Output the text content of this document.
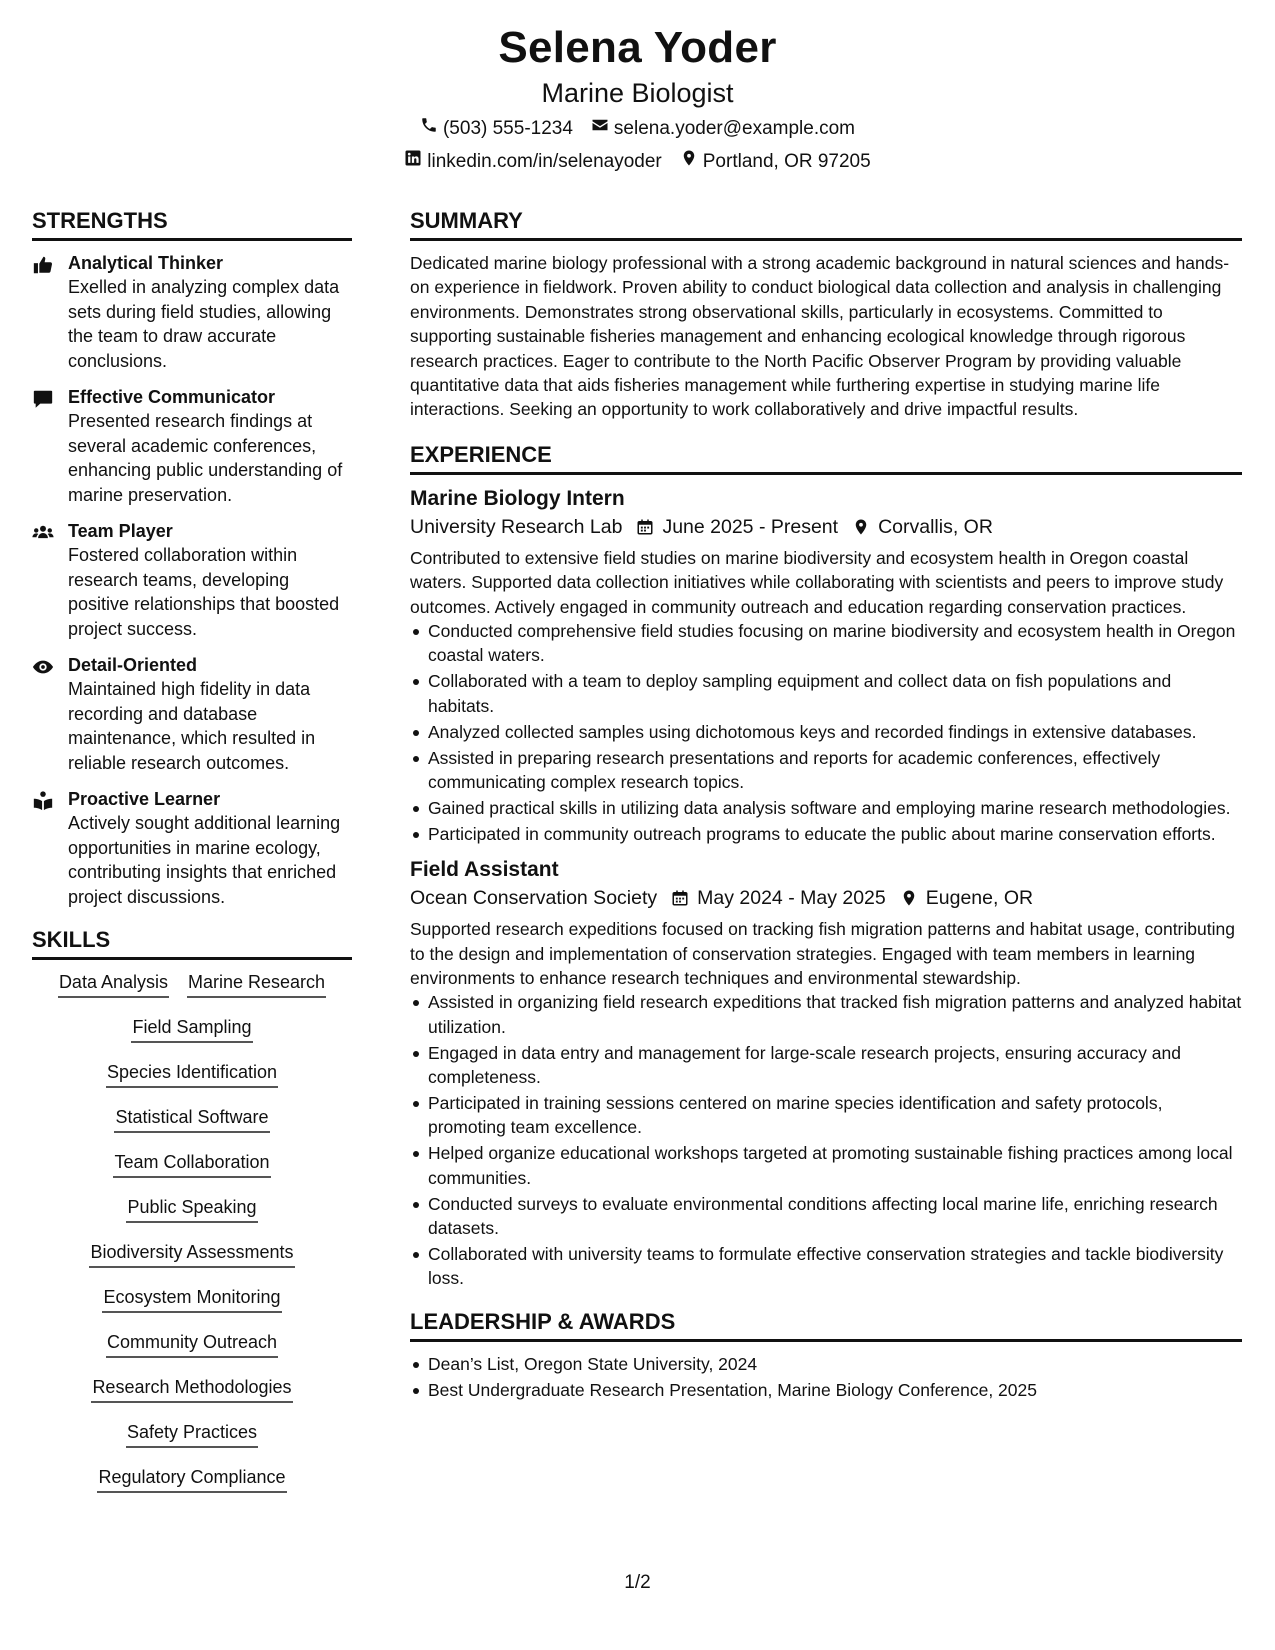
Selena Yoder
Marine Biologist
(503) 555-1234 selena.yoder@example.com
linkedin.com/in/selenayoder Portland, OR 97205
STRENGTHS
Analytical Thinker
Exelled in analyzing complex data sets during field studies, allowing the team to draw accurate conclusions.
Effective Communicator
Presented research findings at several academic conferences, enhancing public understanding of marine preservation.
Team Player
Fostered collaboration within research teams, developing positive relationships that boosted project success.
Detail-Oriented
Maintained high fidelity in data recording and database maintenance, which resulted in reliable research outcomes.
Proactive Learner
Actively sought additional learning opportunities in marine ecology, contributing insights that enriched project discussions.
SKILLS
Data Analysis Marine Research
Field Sampling
Species Identification
Statistical Software
Team Collaboration
Public Speaking
Biodiversity Assessments
Ecosystem Monitoring
Community Outreach
Research Methodologies
Safety Practices
Regulatory Compliance
SUMMARY
Dedicated marine biology professional with a strong academic background in natural sciences and hands-on experience in fieldwork. Proven ability to conduct biological data collection and analysis in challenging environments. Demonstrates strong observational skills, particularly in ecosystems. Committed to supporting sustainable fisheries management and enhancing ecological knowledge through rigorous research practices. Eager to contribute to the North Pacific Observer Program by providing valuable quantitative data that aids fisheries management while furthering expertise in studying marine life interactions. Seeking an opportunity to work collaboratively and drive impactful results.
EXPERIENCE
Marine Biology Intern
University Research Lab June 2025 - Present Corvallis, OR
Contributed to extensive field studies on marine biodiversity and ecosystem health in Oregon coastal waters. Supported data collection initiatives while collaborating with scientists and peers to improve study outcomes. Actively engaged in community outreach and education regarding conservation practices.
Conducted comprehensive field studies focusing on marine biodiversity and ecosystem health in Oregon coastal waters.
Collaborated with a team to deploy sampling equipment and collect data on fish populations and habitats.
Analyzed collected samples using dichotomous keys and recorded findings in extensive databases.
Assisted in preparing research presentations and reports for academic conferences, effectively communicating complex research topics.
Gained practical skills in utilizing data analysis software and employing marine research methodologies.
Participated in community outreach programs to educate the public about marine conservation efforts.
Field Assistant
Ocean Conservation Society May 2024 - May 2025 Eugene, OR
Supported research expeditions focused on tracking fish migration patterns and habitat usage, contributing to the design and implementation of conservation strategies. Engaged with team members in learning environments to enhance research techniques and environmental stewardship.
Assisted in organizing field research expeditions that tracked fish migration patterns and analyzed habitat utilization.
Engaged in data entry and management for large-scale research projects, ensuring accuracy and completeness.
Participated in training sessions centered on marine species identification and safety protocols, promoting team excellence.
Helped organize educational workshops targeted at promoting sustainable fishing practices among local communities.
Conducted surveys to evaluate environmental conditions affecting local marine life, enriching research datasets.
Collaborated with university teams to formulate effective conservation strategies and tackle biodiversity loss.
LEADERSHIP & AWARDS
Dean’s List, Oregon State University, 2024
Best Undergraduate Research Presentation, Marine Biology Conference, 2025
1/2
